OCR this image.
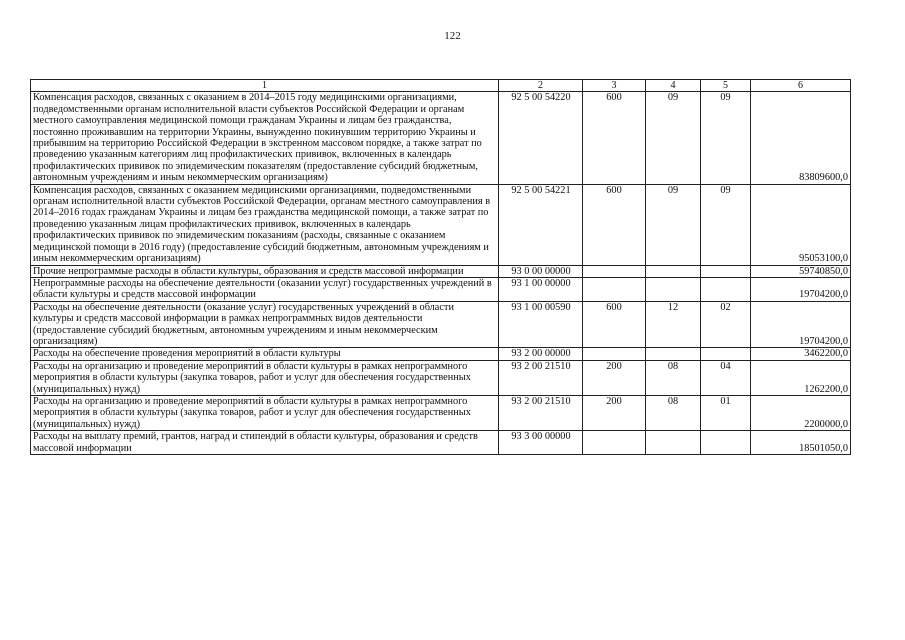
122
1	2	3	4	5	6
Компенсация расходов, связанных с оказанием в 2014–2015 году медицинскими организациями, подведомственными органам исполнительной власти субъектов Российской Федерации и органам местного самоуправления медицинской помощи гражданам Украины и лицам без гражданства, постоянно проживавшим на территории Украины, вынужденно покинувшим территорию Украины и прибывшим на территорию Российской Федерации в экстренном массовом порядке, а также затрат по проведению указанным категориям лиц профилактических прививок, включенных в календарь профилактических прививок по эпидемическим показателям (предоставление субсидий бюджетным, автономным учреждениям и иным некоммерческим организациям)	92 5 00 54220	600	09	09	83809600,0
Компенсация расходов, связанных с оказанием медицинскими организациями, подведомственными органам исполнительной власти субъектов Российской Федерации, органам местного самоуправления в 2014–2016 годах гражданам Украины и лицам без гражданства медицинской помощи, а также затрат по проведению указанным лицам профилактических прививок, включенных в календарь профилактических прививок по эпидемическим показаниям (расходы, связанные с оказанием медицинской помощи в 2016 году) (предоставление субсидий бюджетным, автономным учреждениям и иным некоммерческим организациям)	92 5 00 54221	600	09	09	95053100,0
Прочие непрограммые расходы в области культуры, образования и средств массовой информации	93 0 00 00000				59740850,0
Непрограммные расходы на обеспечение деятельности (оказании услуг) государственных учреждений в области культуры и средств массовой информации	93 1 00 00000				19704200,0
Расходы на обеспечение деятельности (оказание услуг) государственных учреждений в области культуры и средств массовой информации в рамках непрограммных видов деятельности (предоставление субсидий бюджетным, автономным учреждениям и иным некоммерческим организациям)	93 1 00 00590	600	12	02	19704200,0
Расходы на обеспечение проведения мероприятий в области культуры	93 2 00 00000				3462200,0
Расходы на организацию и проведение мероприятий в области культуры в рамках непрограммного мероприятия в области культуры (закупка товаров, работ и услуг для обеспечения государственных (муниципальных) нужд)	93 2 00 21510	200	08	04	1262200,0
Расходы на организацию и проведение мероприятий в области культуры в рамках непрограммного мероприятия в области культуры (закупка товаров, работ и услуг для обеспечения государственных (муниципальных) нужд)	93 2 00 21510	200	08	01	2200000,0
Расходы на выплату премий, грантов, наград и стипендий в области культуры, образования и средств массовой информации	93 3 00 00000				18501050,0
